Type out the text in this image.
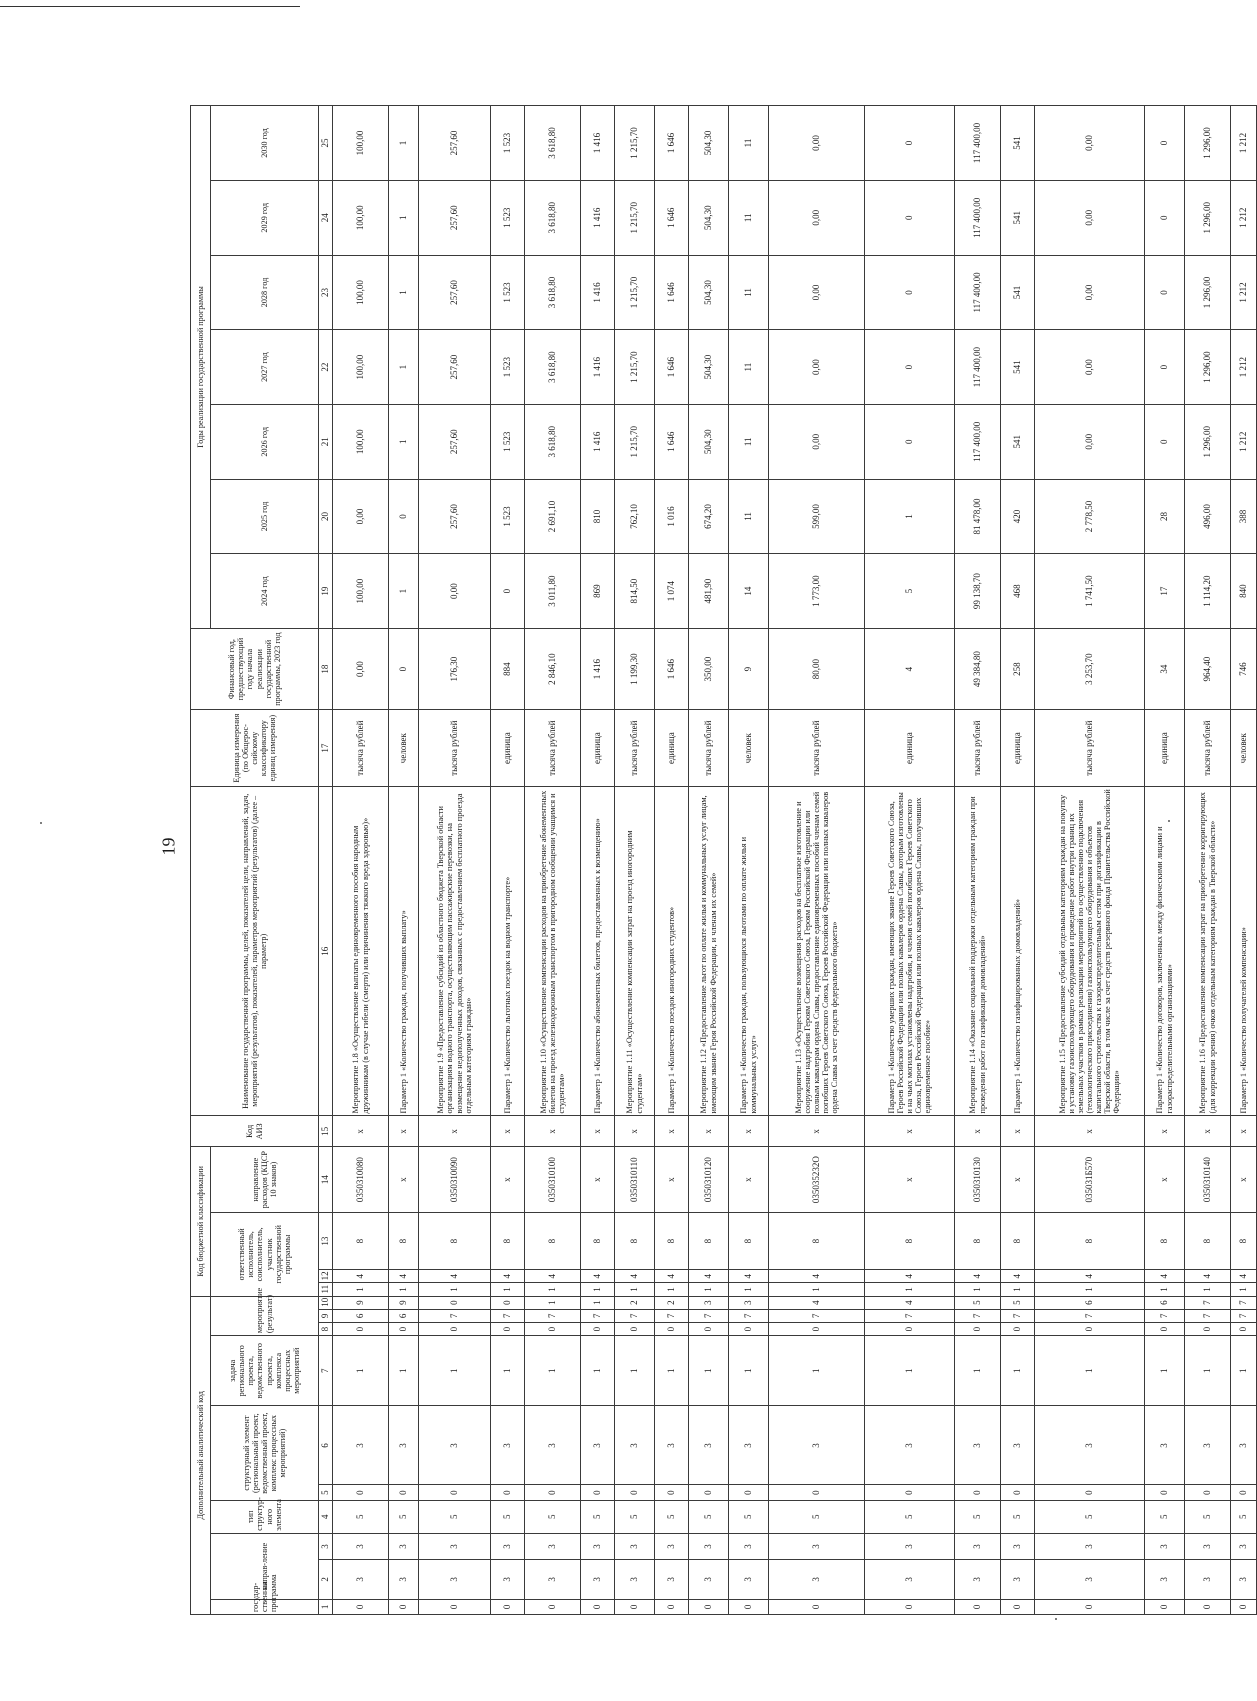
19
Дополнительный аналитический код										Код бюджетной классификации				Код АИЗ	Наименование государственной программы, целей, показателей цели, направлений, задач, мероприятий (результатов), показателей, параметров мероприятий (результатов) (далее – параметр)	Единица измерения (по Общерос-сийскому классификатору единиц измерения)	Финансовый год, предшествующий году начала реализации государственной программы, 2023 год	Годы реализации государственной программы						
государ-ственная программа	направ-ление		тип структур-ного элемента	структурный элемент (региональный проект, ведомственный проект, комплекс процессных мероприятий)		задача регионального проекта, ведомственного проекта, комплекса процессных мероприятий	мероприятие (результат)			ответственный исполнитель, соисполнитель, участник государственной программы			направление расходов (КЦСР 10 знаков)					2024 год	2025 год	2026 год	2027 год	2028 год	2029 год	2030 год
1	2	3	4	5	6	7	8	9	10	11	12	13	14	15	16	17	18	19	20	21	22	23	24	25
0	3	3	5	0	3	1	0	6	9	1	4	8	0350310080	x	Мероприятие 1.8 «Осуществление выплаты единовременного пособия народным дружинникам (в случае гибели (смерти) или причинения тяжкого вреда здоровью)»	тысяча рублей	0,00	100,00	0,00	100,00	100,00	100,00	100,00	100,00
0	3	3	5	0	3	1	0	6	9	1	4	8	x	x	Параметр 1 «Количество граждан, получивших выплату»	человек	0	1	0	1	1	1	1	1
0	3	3	5	0	3	1	0	7	0	1	4	8	0350310090	x	Мероприятие 1.9 «Предоставление субсидий из областного бюджета Тверской области организациям водного транспорта, осуществляющим пассажирские перевозки, на возмещение недополученных доходов, связанных с предоставлением бесплатного проезда отдельным категориям граждан»	тысяча рублей	176,30	0,00	257,60	257,60	257,60	257,60	257,60	257,60
0	3	3	5	0	3	1	0	7	0	1	4	8	x	x	Параметр 1 «Количество льготных поездок на водном транспорте»	единица	884	0	1 523	1 523	1 523	1 523	1 523	1 523
0	3	3	5	0	3	1	0	7	1	1	4	8	0350310100	x	Мероприятие 1.10 «Осуществление компенсации расходов на приобретение абонементных билетов на проезд железнодорожным транспортом в пригородном сообщении учащимся и студентам»	тысяча рублей	2 846,10	3 011,80	2 691,10	3 618,80	3 618,80	3 618,80	3 618,80	3 618,80
0	3	3	5	0	3	1	0	7	1	1	4	8	x	x	Параметр 1 «Количество абонементных билетов, предоставленных к возмещению»	единица	1 416	869	810	1 416	1 416	1 416	1 416	1 416
0	3	3	5	0	3	1	0	7	2	1	4	8	0350310110	x	Мероприятие 1.11 «Осуществление компенсации затрат на проезд иногородним студентам»	тысяча рублей	1 199,30	814,50	762,10	1 215,70	1 215,70	1 215,70	1 215,70	1 215,70
0	3	3	5	0	3	1	0	7	2	1	4	8	x	x	Параметр 1 «Количество поездок иногородних студентов»	единица	1 646	1 074	1 016	1 646	1 646	1 646	1 646	1 646
0	3	3	5	0	3	1	0	7	3	1	4	8	0350310120	x	Мероприятие 1.12 «Предоставление льгот по оплате жилья и коммунальных услуг лицам, имеющим звание Героя Российской Федерации, и членам их семей»	тысяча рублей	350,00	481,90	674,20	504,30	504,30	504,30	504,30	504,30
0	3	3	5	0	3	1	0	7	3	1	4	8	x	x	Параметр 1 «Количество граждан, пользующихся льготами по оплате жилья и коммунальных услуг»	человек	9	14	11	11	11	11	11	11
0	3	3	5	0	3	1	0	7	4	1	4	8	035035232О	x	Мероприятие 1.13 «Осуществление возмещения расходов на бесплатное изготовление и сооружение надгробия Героям Советского Союза, Героям Российской Федерации или полным кавалерам ордена Славы, предоставление единовременных пособий членам семей погибших Героев Советского Союза, Героев Российской Федерации или полных кавалеров ордена Славы за счет средств федерального бюджета»	тысяча рублей	80,00	1 773,00	599,00	0,00	0,00	0,00	0,00	0,00
0	3	3	5	0	3	1	0	7	4	1	4	8	x	x	Параметр 1 «Количество умерших граждан, имеющих звание Героев Советского Союза, Героев Российской Федерации или полных кавалеров ордена Славы, которым изготовлены и на чьих могилах установлены надгробия, и членов семей погибших Героев Советского Союза, Героев Российской Федерации или полных кавалеров ордена Славы, получивших единовременное пособие»	единица	4	5	1	0	0	0	0	0
0	3	3	5	0	3	1	0	7	5	1	4	8	0350310130	x	Мероприятие 1.14 «Оказание социальной поддержки отдельным категориям граждан при проведении работ по газификации домовладений»	тысяча рублей	49 384,80	99 138,70	81 478,00	117 400,00	117 400,00	117 400,00	117 400,00	117 400,00
0	3	3	5	0	3	1	0	7	5	1	4	8	x	x	Параметр 1 «Количество газифицированных домовладений»	единица	258	468	420	541	541	541	541	541
0	3	3	5	0	3	1	0	7	6	1	4	8	035031Б570	x	Мероприятие 1.15 «Предоставление субсидий отдельным категориям граждан на покупку и установку газоиспользующего оборудования и проведение работ внутри границ их земельных участков в рамках реализации мероприятий по осуществлению подключения (технологического присоединения) газоиспользующего оборудования и объектов капитального строительства к газораспределительным сетям при догазификации в Тверской области, в том числе за счет средств резервного фонда Правительства Российской Федерации»	тысяча рублей	3 253,70	1 741,50	2 778,50	0,00	0,00	0,00	0,00	0,00
0	3	3	5	0	3	1	0	7	6	1	4	8	x	x	Параметр 1 «Количество договоров, заключенных между физическими лицами и газораспределительными организациями»	единица	34	17	28	0	0	0	0	0
0	3	3	5	0	3	1	0	7	7	1	4	8	0350310140	x	Мероприятие 1.16 «Предоставление компенсации затрат на приобретение корригирующих (для коррекции зрения) очков отдельным категориям граждан в Тверской области»	тысяча рублей	964,40	1 114,20	496,00	1 296,00	1 296,00	1 296,00	1 296,00	1 296,00
0	3	3	5	0	3	1	0	7	7	1	4	8	x	x	Параметр 1 «Количество получателей компенсации»	человек	746	840	388	1 212	1 212	1 212	1 212	1 212
